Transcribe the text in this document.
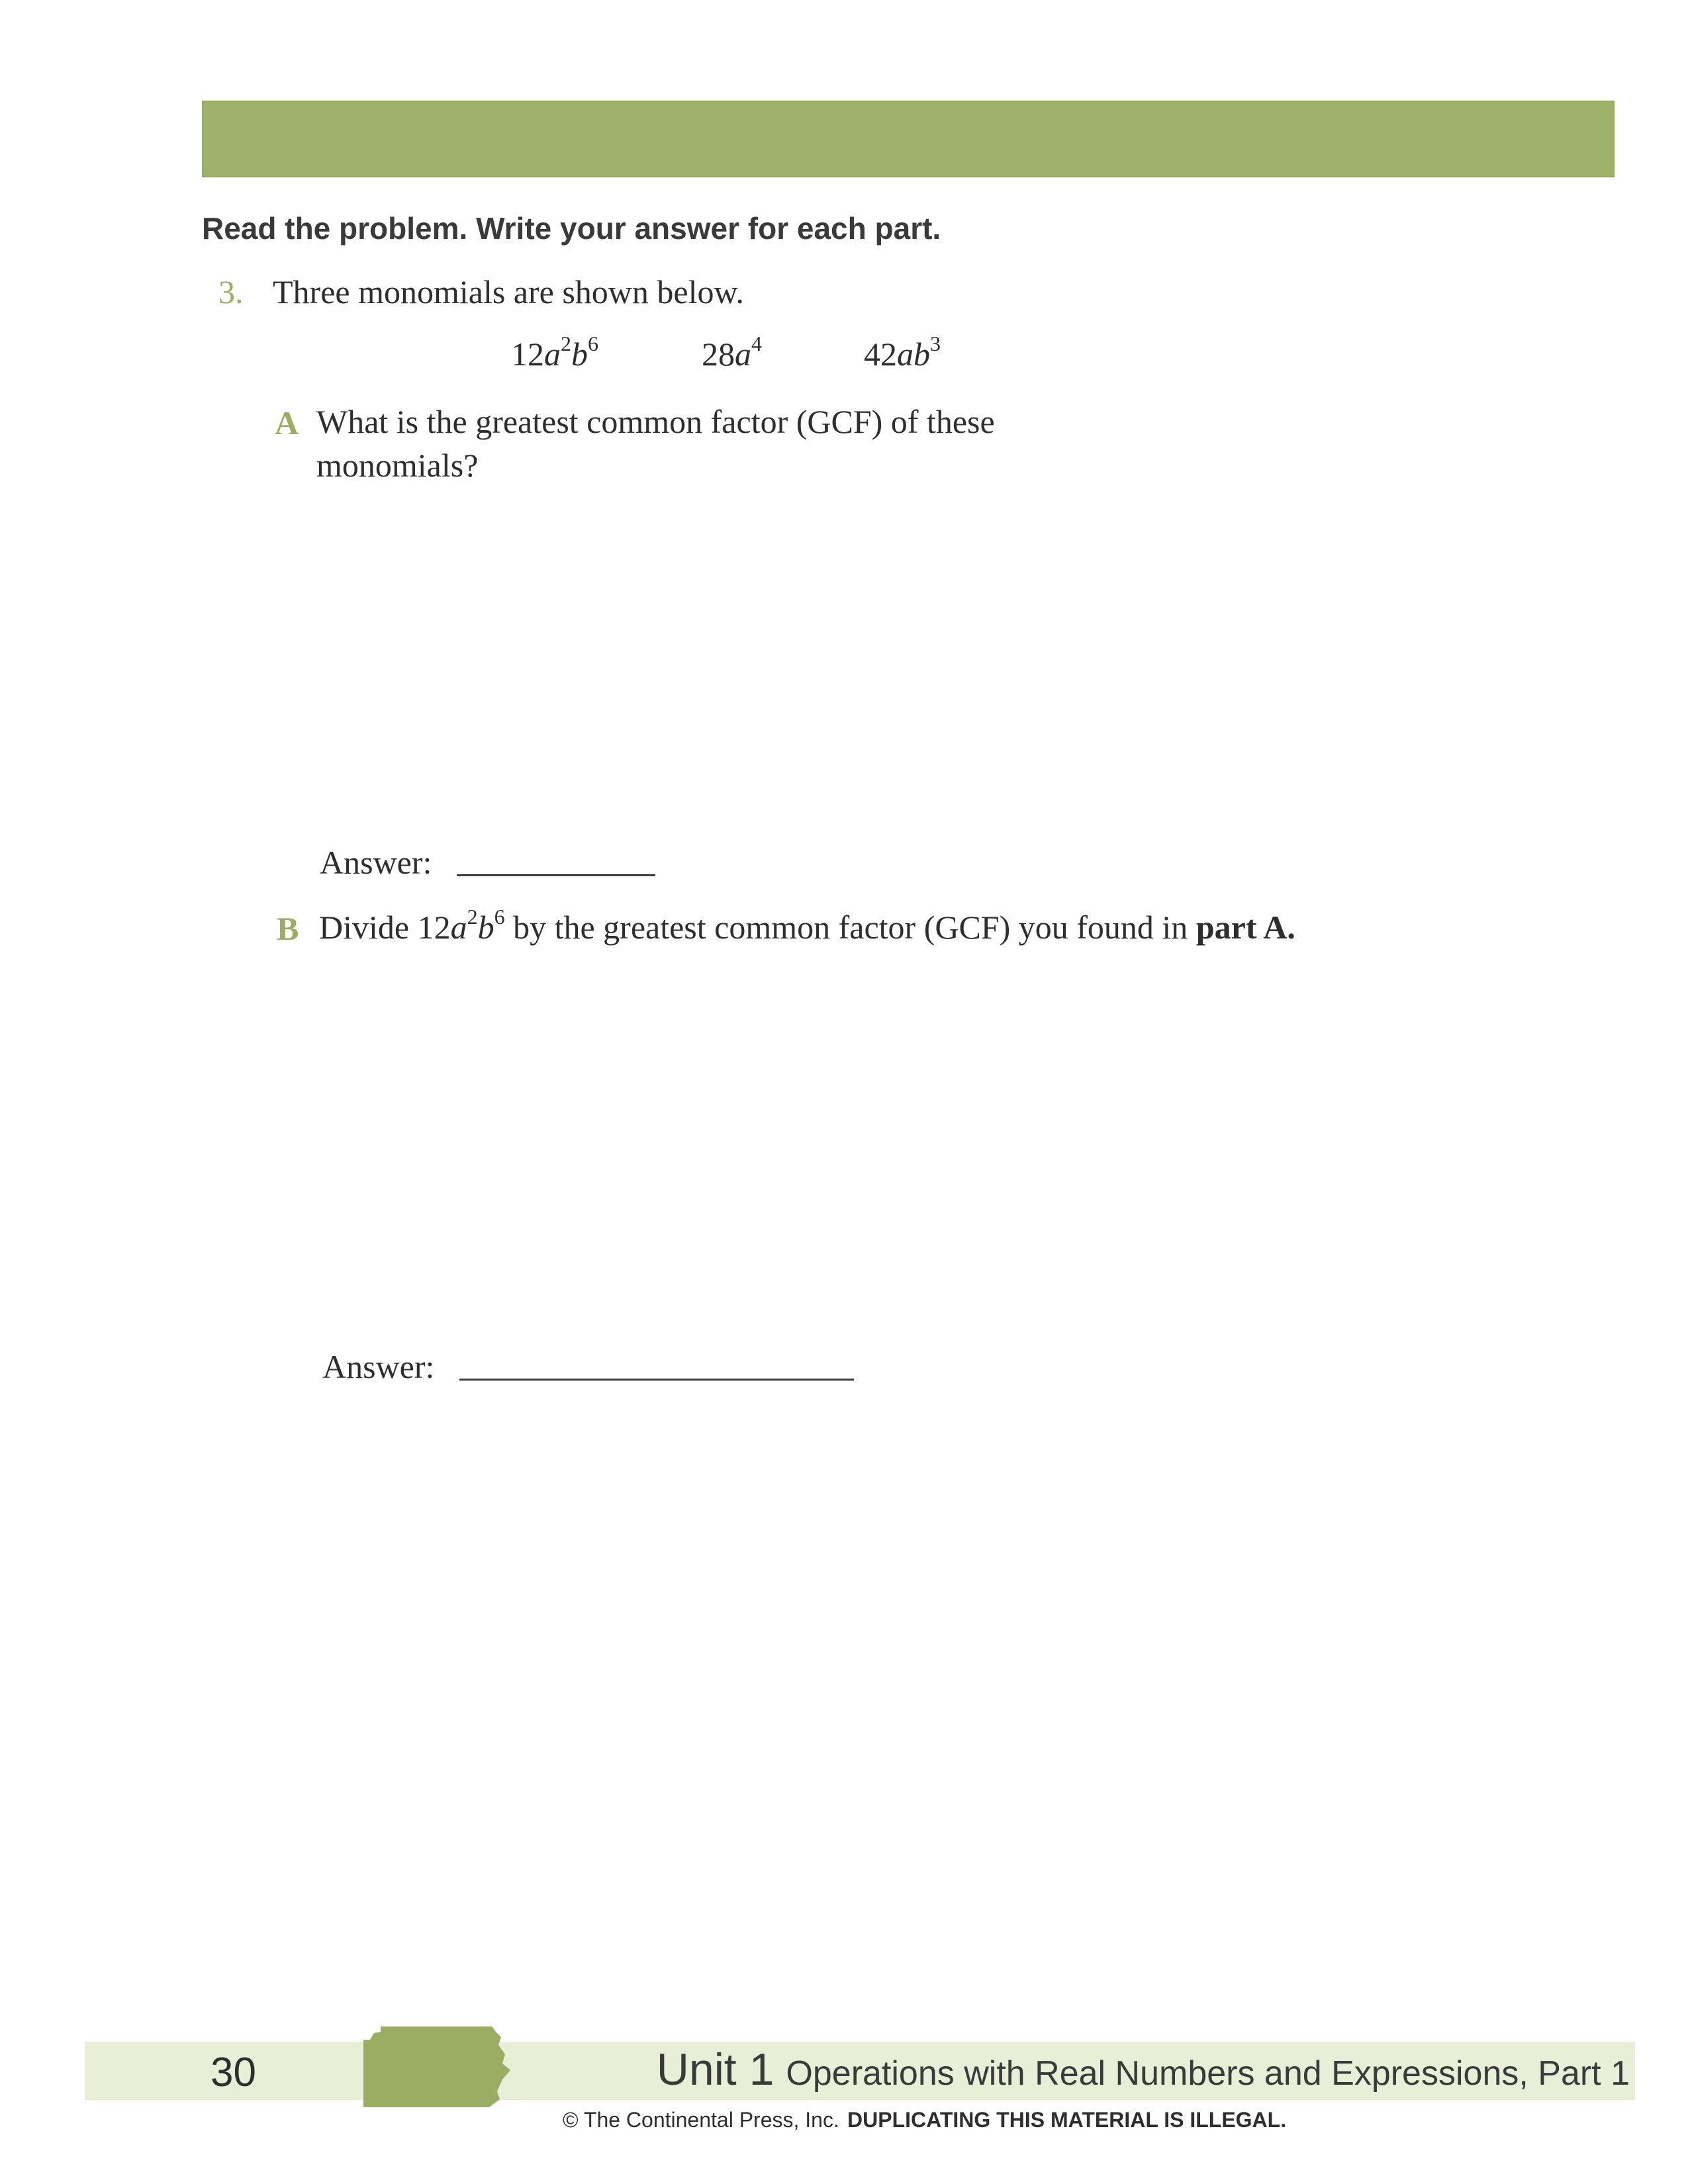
Read the problem. Write your answer for each part.
3. Three monomials are shown below.
$12a^2b^6$	$28a^4$	$42ab^3$
A What is the greatest common factor (GCF) of these monomials?
Answer:
B Divide $12a^2b^6$ by the greatest common factor (GCF) you found in part A.
Answer:
30	Unit 1 Operations with Real Numbers and Expressions, Part 1
© The Continental Press, Inc. DUPLICATING THIS MATERIAL IS ILLEGAL.
